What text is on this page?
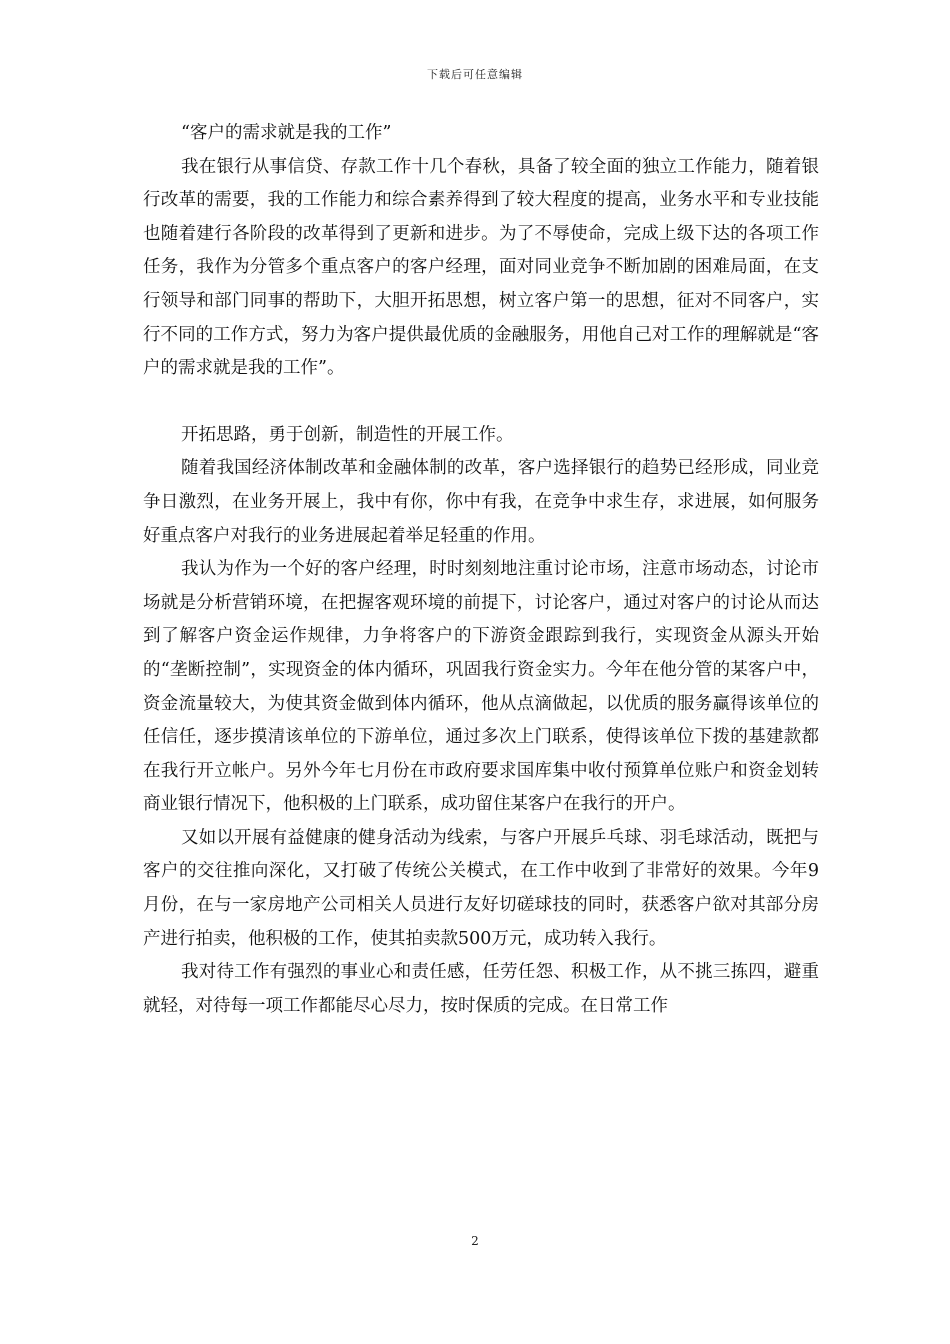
下载后可任意编辑

“客户的需求就是我的工作”

我在银行从事信贷、存款工作十几个春秋，具备了较全面的独立工作能力，随着银行改革的需要，我的工作能力和综合素养得到了较大程度的提高，业务水平和专业技能也随着建行各阶段的改革得到了更新和进步。为了不辱使命，完成上级下达的各项工作任务，我作为分管多个重点客户的客户经理，面对同业竞争不断加剧的困难局面，在支行领导和部门同事的帮助下，大胆开拓思想，树立客户第一的思想，征对不同客户，实行不同的工作方式，努力为客户提供最优质的金融服务，用他自己对工作的理解就是“客户的需求就是我的工作”。

开拓思路，勇于创新，制造性的开展工作。

随着我国经济体制改革和金融体制的改革，客户选择银行的趋势已经形成，同业竞争日激烈，在业务开展上，我中有你，你中有我，在竞争中求生存，求进展，如何服务好重点客户对我行的业务进展起着举足轻重的作用。

我认为作为一个好的客户经理，时时刻刻地注重讨论市场，注意市场动态，讨论市场就是分析营销环境，在把握客观环境的前提下，讨论客户，通过对客户的讨论从而达到了解客户资金运作规律，力争将客户的下游资金跟踪到我行，实现资金从源头开始的“垄断控制”，实现资金的体内循环，巩固我行资金实力。今年在他分管的某客户中，资金流量较大，为使其资金做到体内循环，他从点滴做起，以优质的服务赢得该单位的任信任，逐步摸清该单位的下游单位，通过多次上门联系，使得该单位下拨的基建款都在我行开立帐户。另外今年七月份在市政府要求国库集中收付预算单位账户和资金划转商业银行情况下，他积极的上门联系，成功留住某客户在我行的开户。

又如以开展有益健康的健身活动为线索，与客户开展乒乓球、羽毛球活动，既把与客户的交往推向深化，又打破了传统公关模式，在工作中收到了非常好的效果。今年9月份，在与一家房地产公司相关人员进行友好切磋球技的同时，获悉客户欲对其部分房产进行拍卖，他积极的工作，使其拍卖款500万元，成功转入我行。

我对待工作有强烈的事业心和责任感，任劳任怨、积极工作，从不挑三拣四，避重就轻，对待每一项工作都能尽心尽力，按时保质的完成。在日常工作

2
